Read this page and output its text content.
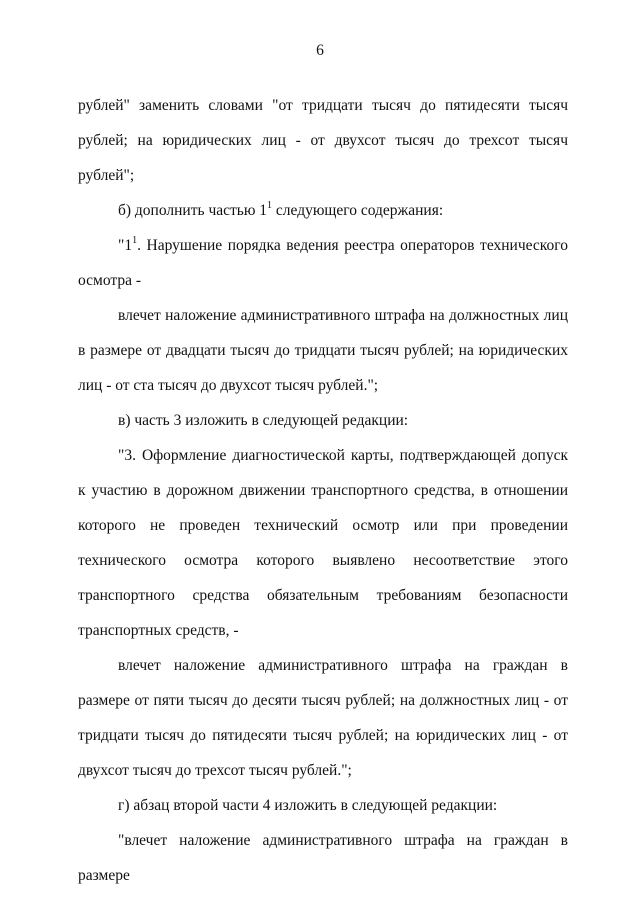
6

рублей" заменить словами "от тридцати тысяч до пятидесяти тысяч рублей; на юридических лиц - от двухсот тысяч до трехсот тысяч рублей";

б) дополнить частью $1^1$ следующего содержания:

"$1^1$. Нарушение порядка ведения реестра операторов технического осмотра -

влечет наложение административного штрафа на должностных лиц в размере от двадцати тысяч до тридцати тысяч рублей; на юридических лиц - от ста тысяч до двухсот тысяч рублей.";

в) часть 3 изложить в следующей редакции:

"3. Оформление диагностической карты, подтверждающей допуск к участию в дорожном движении транспортного средства, в отношении которого не проведен технический осмотр или при проведении технического осмотра которого выявлено несоответствие этого транспортного средства обязательным требованиям безопасности транспортных средств, -

влечет наложение административного штрафа на граждан в размере от пяти тысяч до десяти тысяч рублей; на должностных лиц - от тридцати тысяч до пятидесяти тысяч рублей; на юридических лиц - от двухсот тысяч до трехсот тысяч рублей.";

г) абзац второй части 4 изложить в следующей редакции:

"влечет наложение административного штрафа на граждан в размере
